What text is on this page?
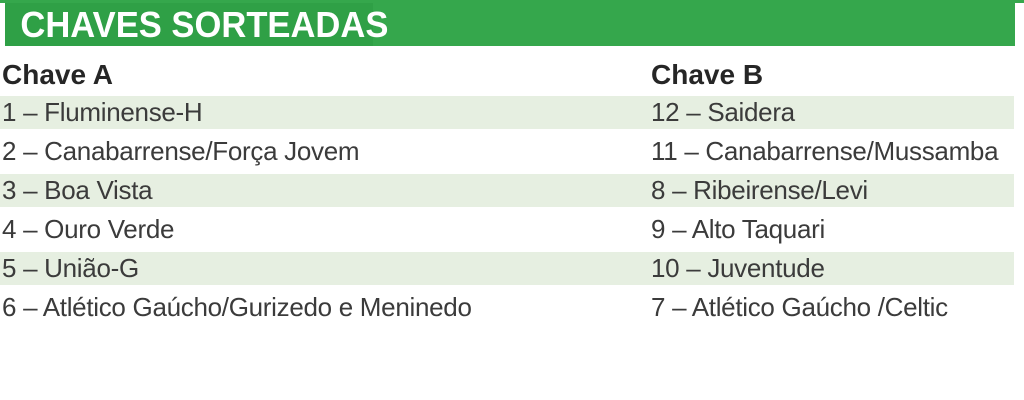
CHAVES SORTEADAS
Chave A	Chave B
1 – Fluminense-H	12 – Saidera
2 – Canabarrense/Força Jovem	11 – Canabarrense/Mussamba
3 – Boa Vista	8 – Ribeirense/Levi
4 – Ouro Verde	9 – Alto Taquari
5 – União-G	10 – Juventude
6 – Atlético Gaúcho/Gurizedo e Meninedo	7 – Atlético Gaúcho /Celtic
